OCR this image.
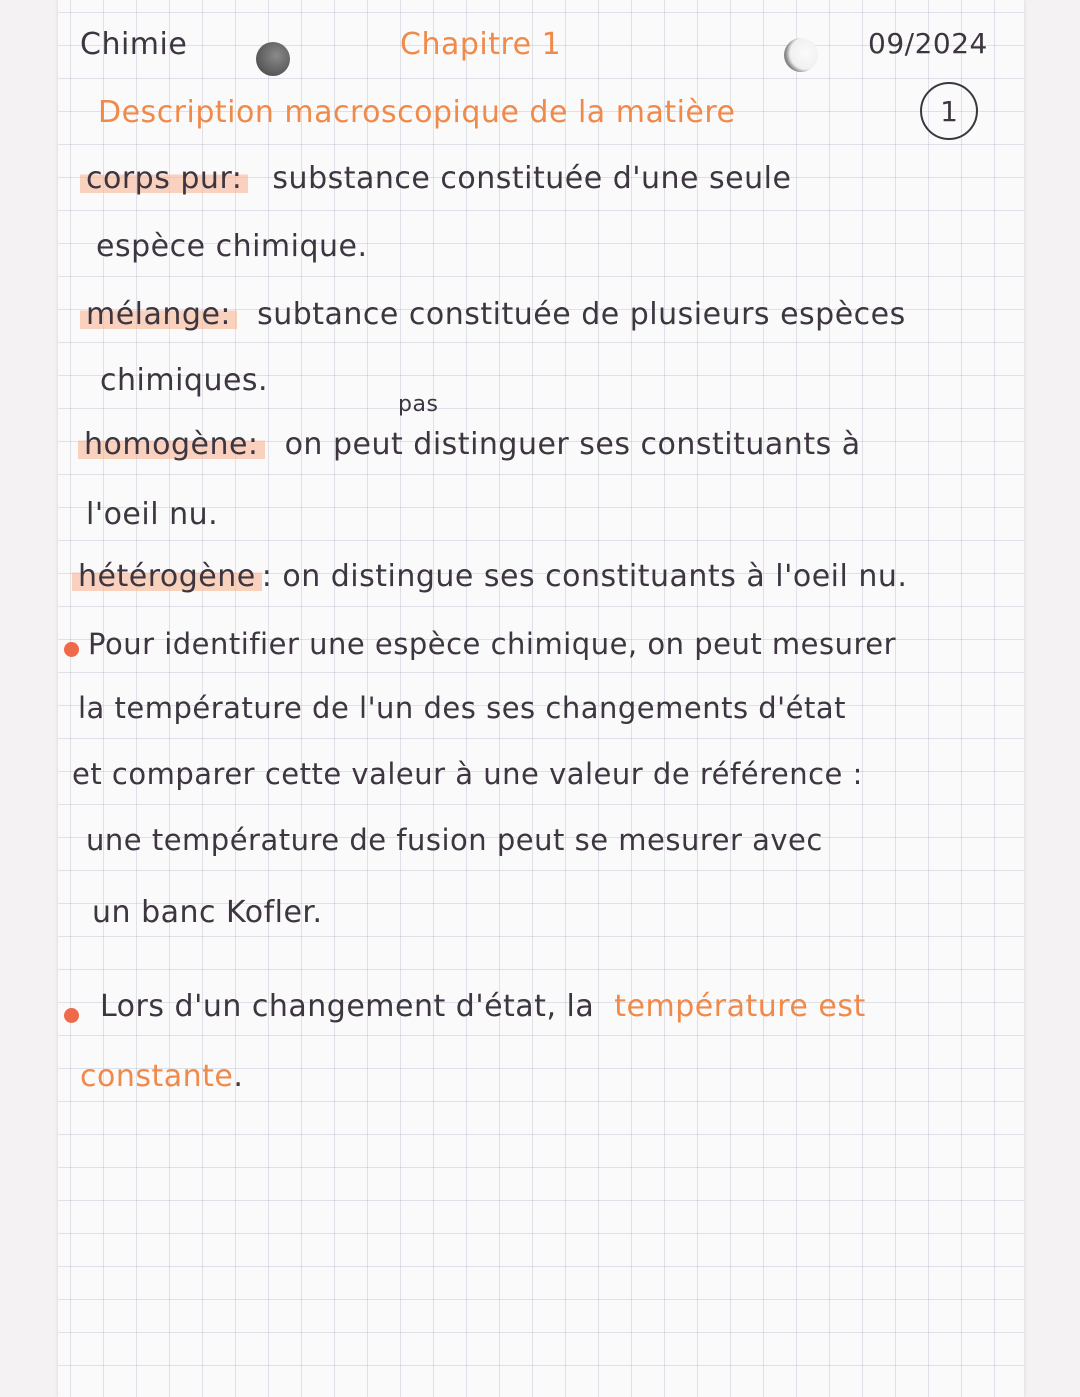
Chimie	Chapitre 1	09/2024
Description macroscopique de la matière	1
corps pur: substance constituée d'une seule
espèce chimique.
mélange: subtance constituée de plusieurs espèces
chimiques.
pas
homogène: on peut distinguer ses constituants à
l'oeil nu.
hétérogène : on distingue ses constituants à l'oeil nu.
Pour identifier une espèce chimique, on peut mesurer
la température de l'un des ses changements d'état
et comparer cette valeur à une valeur de référence :
une température de fusion peut se mesurer avec
un banc Kofler.
Lors d'un changement d'état, la température est
constante.
